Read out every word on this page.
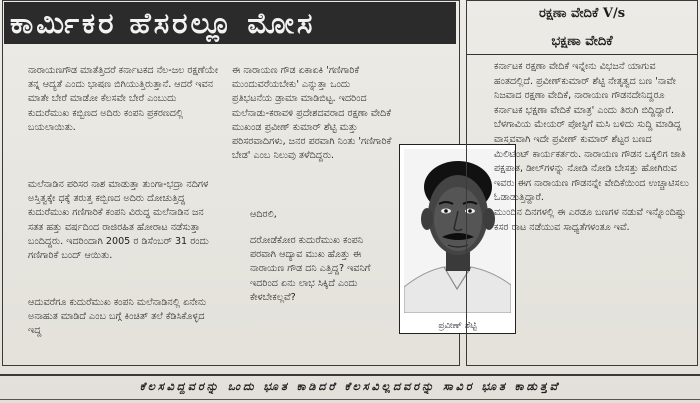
ಕಾರ್ಮಿಕರ ಹೆಸರಲ್ಲೂ ಮೋಸ

ನಾರಾಯಣಗೌಡ ಮಾತೆತ್ತಿದರೆ ಕರ್ನಾಟಕದ ನೆಲ-ಜಲ ರಕ್ಷಣೆಯೇ ತನ್ನ ಆದ್ಯತೆ ಎಂದು ಭಾಷಣ ಬಿಗಿಯುತ್ತಿರುತ್ತಾನೆ. ಆದರೆ ಇವನ ಮಾತೇ ಬೇರೆ ಮಾಡೋ ಕೆಲಸವೇ ಬೇರೆ ಎಂಬುದು ಕುದುರೆಮುಖ ಕಬ್ಬಿಣದ ಅದಿರು ಕಂಪನಿ ಪ್ರಕರಣದಲ್ಲಿ ಬಯಲಾಯಿತು.

ಮಲೆನಾಡಿನ ಪರಿಸರ ನಾಶ ಮಾಡುತ್ತಾ ತುಂಗಾ-ಭದ್ರಾ ನದಿಗಳ ಅಸ್ತಿತ್ವಕ್ಕೇ ಧಕ್ಕೆ ತರುತ್ತ ಕಬ್ಬಿಣದ ಅದಿರು ದೋಚುತ್ತಿದ್ದ ಕುದುರೆಮುಖ ಗಣಿಗಾರಿಕೆ ಕಂಪನಿ ವಿರುದ್ಧ ಮಲೆನಾಡಿನ ಜನ ಸತತ ಹತ್ತು ವರ್ಷದಿಂದ ರಾಜಿರಹಿತ ಹೋರಾಟ ನಡೆಸುತ್ತಾ ಬಂದಿದ್ದರು. ಇದರಿಂದಾಗಿ 2005 ರ ಡಿಸೆಂಬರ್ 31 ರಂದು ಗಣಿಗಾರಿಕೆ ಬಂದ್ ಆಯಿತು.

ಆದುವರೆಗೂ ಕುದುರೆಮುಖ ಕಂಪನಿ ಮಲೆನಾಡಿನಲ್ಲಿ ಏನೇನು ಅನಾಹುತ ಮಾಡಿದೆ ಎಂಬ ಬಗ್ಗೆ ಕಿಂಚಿತ್ ತಲೆ ಕೆಡಿಸಿಕೊಳ್ಳದ ಇದ್ದ

ಈ ನಾರಾಯಣ ಗೌಡ ಏಕಾಏಕಿ 'ಗಣಿಗಾರಿಕೆ ಮುಂದುವರೆಯಬೇಕು' ಎನ್ನುತ್ತಾ ಒಂದು ಪ್ರತಿಭಟನೆಯ ಡ್ರಾಮಾ ಮಾಡಿಬಿಟ್ಟ. ಇದರಿಂದ ಮಲೆನಾಡು-ಕರಾವಳಿ ಪ್ರದೇಶದವರಾದ ರಕ್ಷಣಾ ವೇದಿಕೆ ಮುಖಂಡ ಪ್ರವೀಣ್ ಕುಮಾರ್ ಶೆಟ್ಟಿ ಮತ್ತು ಪರಿಸರವಾದಿಗಳು, ಜನರ ಪರವಾಗಿ ನಿಂತು 'ಗಣಿಗಾರಿಕೆ ಬೇಡ' ಎಂಬ ನಿಲುವು ತಳೆದಿದ್ದರು.

ಆದಿರಲಿ,

ದರೋಡೆಕೋರ ಕುದುರೆಮುಖ ಕಂಪನಿ ಪರವಾಗಿ ಆದ್ಯಾವ ಮುಖ ಹೊತ್ತು ಈ ನಾರಾಯಣ ಗೌಡ ದನಿ ಎತ್ತಿದ್ದ? ಇವನಿಗೆ ಇದರಿಂದ ಏನು ಲಾಭ ಸಿಕ್ಕಿದೆ ಎಂದು ಕೇಳಬೇಕಲ್ಲವೆ?

ಪ್ರವೀಣ್ ಶೆಟ್ಟಿ
ರಕ್ಷಣಾ ವೇದಿಕೆ V/s
ಭಕ್ಷಣಾ ವೇದಿಕೆ

ಕರ್ನಾಟಕ ರಕ್ಷಣಾ ವೇದಿಕೆ ಇನ್ನೇನು ವಿಭಜನೆ ಯಾಗುವ ಹಂತದಲ್ಲಿದೆ. ಪ್ರವೀಣ್‌ಕುಮಾರ್ ಶೆಟ್ಟಿ ನೇತೃತ್ವದ ಬಣ 'ನಾವೇ ನಿಜವಾದ ರಕ್ಷಣಾ ವೇದಿಕೆ, ನಾರಾಯಣ ಗೌಡನದೇನಿದ್ದರೂ ಕರ್ನಾಟಕ ಭಕ್ಷಣಾ ವೇದಿಕೆ ಮಾತ್ರ' ಎಂದು ತಿರುಗಿ ಬಿದ್ದಿದ್ದಾರೆ. ಬೆಳಗಾವಿಯ ಮೇಯರ್ ಪೋಸ್ಟಿಗೆ ಮಸಿ ಬಳಿದು ಸುದ್ದಿ ಮಾಡಿದ್ದ ವಾಸ್ತವವಾಗಿ ಇದೇ ಪ್ರವೀಣ್ ಕುಮಾರ್ ಶೆಟ್ಟರ ಬಣದ ಮಿಲಿಟೆಂಟ್ ಕಾರ್ಯಕರ್ತರು. ನಾರಾಯಣ ಗೌಡನ ಒಕ್ಕಲಿಗ ಜಾತಿ ಪಕ್ಷಪಾತ, ಡೀಲ್‌ಗಳನ್ನು ನೋಡಿ ನೋಡಿ ಬೇಸತ್ತು ಹೋಗಿರುವ ಇವರು ಈಗ ನಾರಾಯಣ ಗೌಡನನ್ನೇ ವೇದಿಕೆಯಿಂದ ಉಚ್ಚಾಟಿಸಲು ಓಡಾಡುತ್ತಿದ್ದಾರೆ.

ಮುಂದಿನ ದಿನಗಳಲ್ಲಿ ಈ ಎರಡೂ ಬಣಗಳ ನಡುವೆ ಇನ್ನೊಂದಿಷ್ಟು ಕಸರ ರಾಟ ನಡೆಯುವ ಸಾಧ್ಯತೆಗಳಂತೂ ಇವೆ.

ಕೆಲಸವಿದ್ದವರನ್ನು ಒಂದು ಭೂತ ಕಾಡಿದರೆ ಕೆಲಸವಿಲ್ಲದವರನ್ನು ಸಾವಿರ ಭೂತ ಕಾಡುತ್ತವೆ
